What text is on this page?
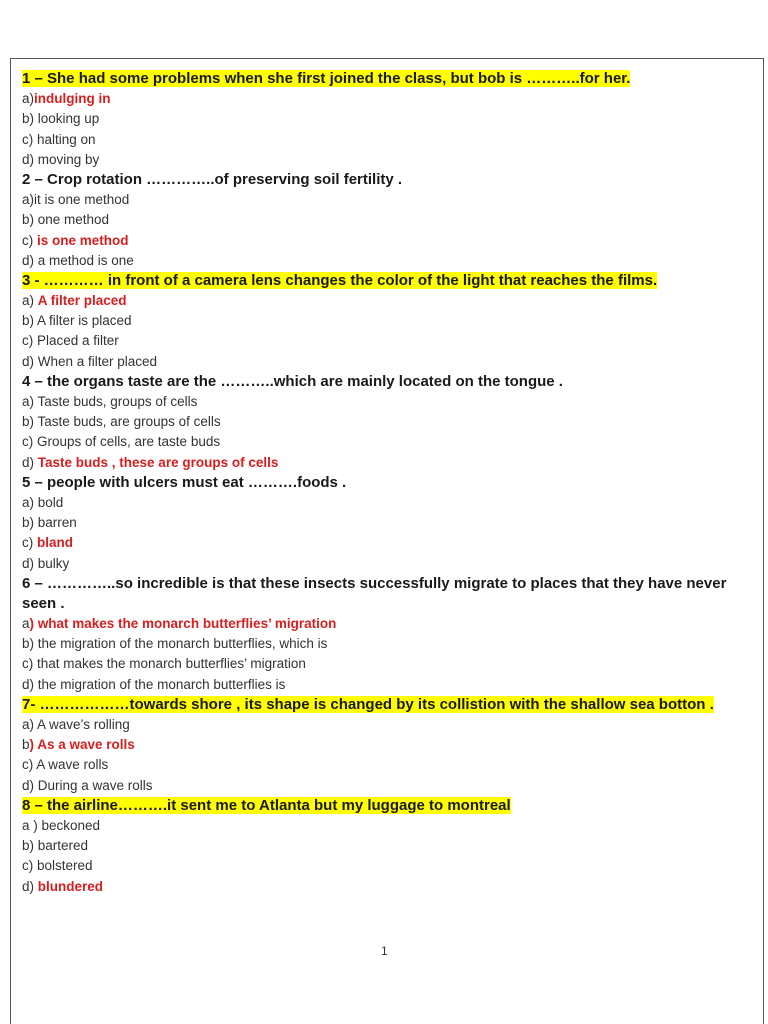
1 – She had some problems when she first joined the class, but bob is ………..for her.
a)indulging in
b) looking up
c) halting on
d) moving by
2 – Crop rotation …………..of preserving soil fertility .
a)it is one method
b) one method
c) is one method
d) a method is one
3 - ………… in front of a camera lens changes the color of the light that reaches the films.
a) A filter placed
b) A filter is placed
c) Placed a filter
d) When a filter placed
4 – the organs taste are the ………..which are mainly located on the tongue .
a) Taste buds, groups of cells
b) Taste buds, are groups of cells
c) Groups of cells, are taste buds
d) Taste buds , these are groups of cells
5 – people with ulcers must eat ……….foods .
a) bold
b) barren
c) bland
d) bulky
6 – …………..so incredible is that these insects successfully migrate to places that they have never seen .
a) what makes the monarch butterflies’ migration
b) the migration of the monarch butterflies, which is
c) that makes the monarch butterflies’ migration
d) the migration of the monarch butterflies is
7- ………………towards shore , its shape is changed by its collistion with the shallow sea botton .
a) A wave’s rolling
b) As a wave rolls
c) A wave rolls
d) During a wave rolls
8 – the airline……….it sent me to Atlanta but my luggage to montreal
a ) beckoned
b) bartered
c) bolstered
d) blundered
1
